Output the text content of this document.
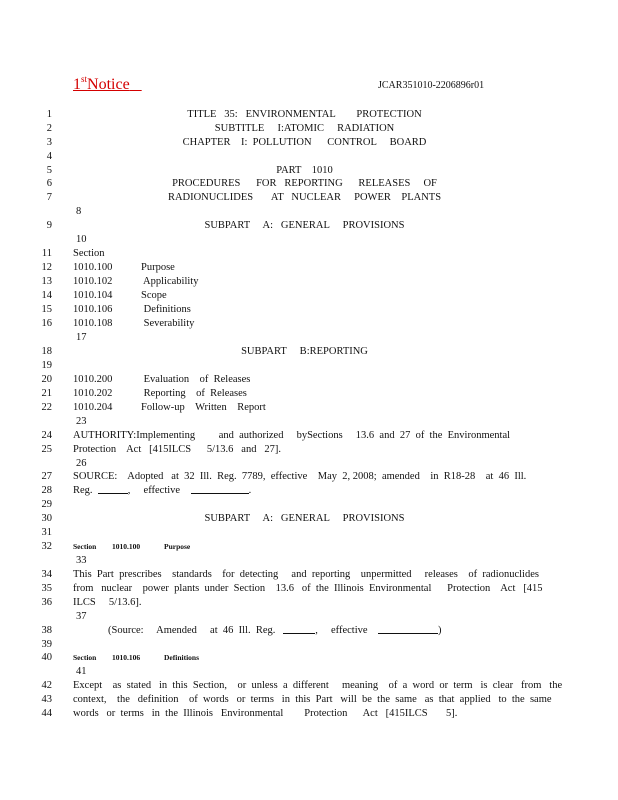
1stNotice	JCAR351010-2206896r01
1	TITLE   35:   ENVIRONMENTAL        PROTECTION
2	SUBTITLE     I:ATOMIC     RADIATION
3	CHAPTER    I:  POLLUTION      CONTROL     BOARD
4
5	PART    1010
6	PROCEDURES      FOR   REPORTING      RELEASES     OF
7	RADIONUCLIDES       AT   NUCLEAR     POWER    PLANTS
8
9	SUBPART     A:   GENERAL     PROVISIONS
10
11 Section
12 1010.100	Purpose
13 1010.102	Applicability
14 1010.104	Scope
15 1010.106	Definitions
16 1010.108	Severability
17
18	SUBPART     B:REPORTING
19
20 1010.200	Evaluation    of  Releases
21 1010.202	Reporting    of  Releases
22 1010.204	Follow-up    Written    Report
23
24 AUTHORITY:Implementing         and  authorized     bySections     13.6  and  27  of  the  Environmental
25 Protection    Act   [415ILCS      5/13.6   and   27].
26
27 SOURCE:    Adopted   at  32  Ill.  Reg.  7789,  effective    May  2, 2008;  amended    in  R18-28    at  46  Ill.
28 Reg.	,     effective	.
29
30	SUBPART     A:   GENERAL     PROVISIONS
31
32	Section 1010.100	Purpose
33
34 This  Part  prescribes    standards    for  detecting     and  reporting    unpermitted     releases    of  radionuclides
35 from   nuclear    power  plants  under  Section    13.6   of  the  Illinois  Environmental      Protection    Act   [415
36 ILCS     5/13.6].
37
38	(Source:     Amended     at  46  Ill.  Reg.	,     effective	)
39
40	Section 1010.106	Definitions
41
42 Except    as  stated   in  this  Section,    or  unless  a  different     meaning    of  a  word  or  term   is  clear   from   the
43 context,    the   definition    of  words   or  terms   in  this  Part   will  be  the  same   as  that  applied   to  the  same
44 words   or  terms   in  the  Illinois   Environmental        Protection      Act   [415ILCS       5].
